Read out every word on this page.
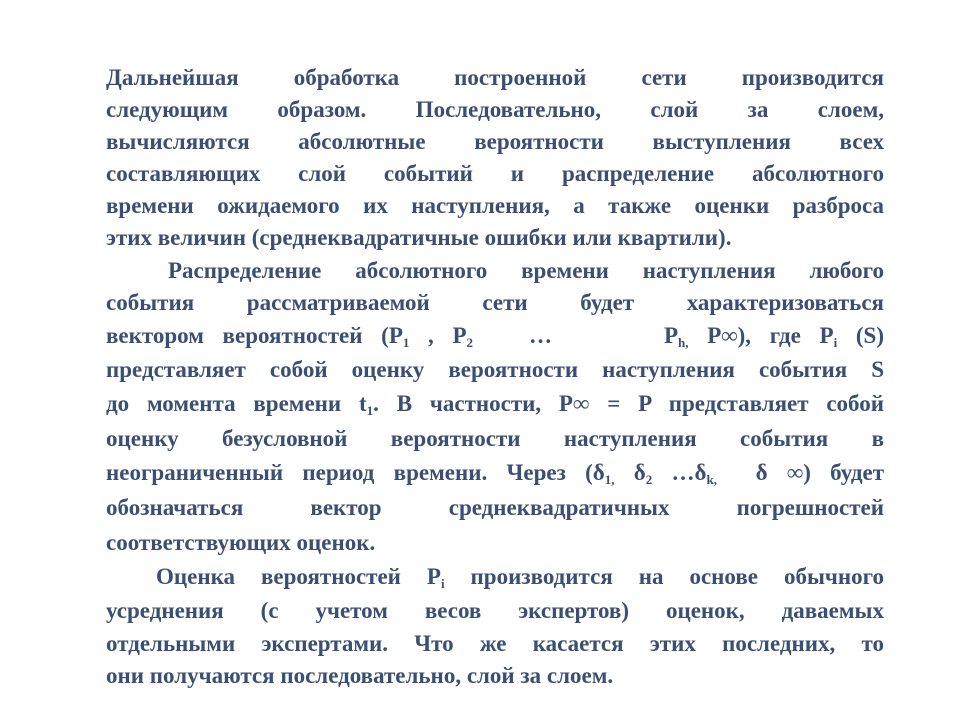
Дальнейшая обработка построенной сети производится
следующим образом. Последовательно, слой за слоем,
вычисляются абсолютные вероятности выступления всех
составляющих слой событий и распределение абсолютного
времени ожидаемого их наступления, а также оценки разброса
этих величин (среднеквадратичные ошибки или квартили).
Распределение абсолютного времени наступления любого
события рассматриваемой сети будет характеризоваться
вектором вероятностей ($P_1$ , $P_2$   …      $P_{h,}$ P∞), где $P_i$ (S)
представляет собой оценку вероятности наступления события S
до момента времени $t_1$. В частности, P∞ = P представляет собой
оценку безусловной вероятности наступления события в
неограниченный период времени. Через ($\delta_{1,}$ $\delta_2$ $\dots\delta_{k,}$  δ ∞) будет
обозначаться вектор среднеквадратичных погрешностей
соответствующих оценок.
Оценка вероятностей $P_i$ производится на основе обычного
усреднения (с учетом весов экспертов) оценок, даваемых
отдельными экспертами. Что же касается этих последних, то
они получаются последовательно, слой за слоем.
